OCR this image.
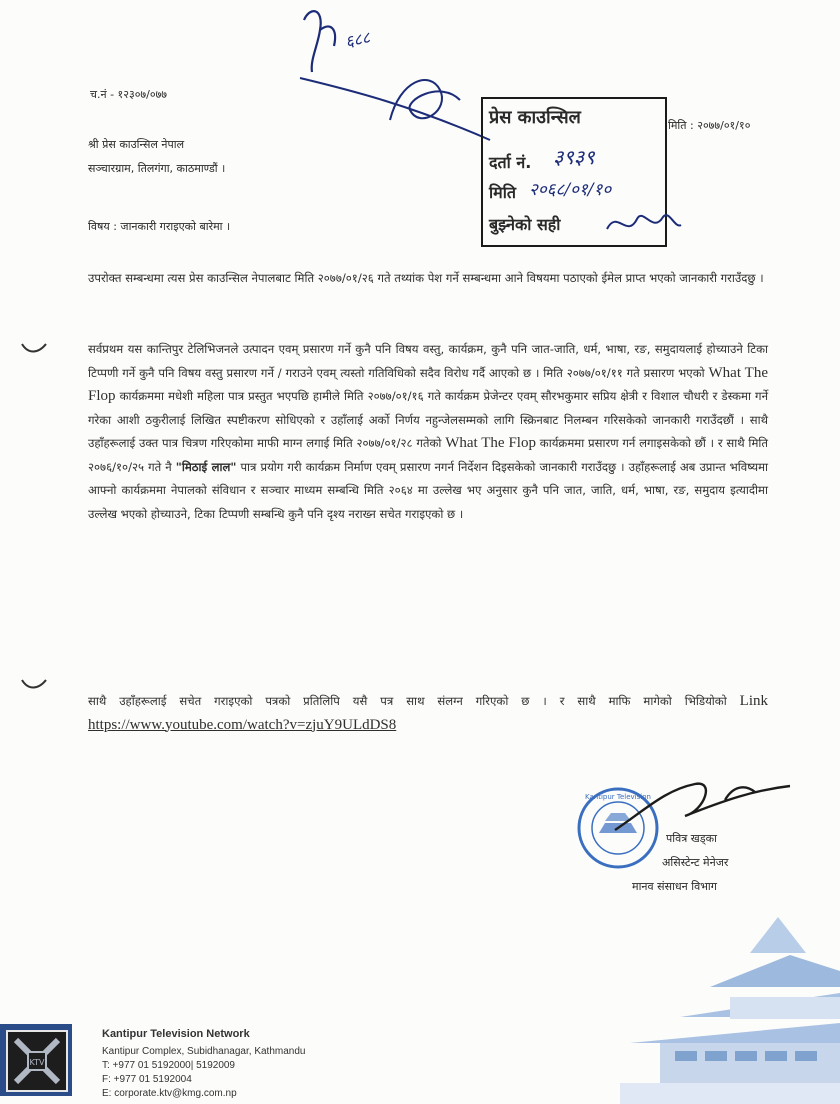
६८८
च.नं - १२३०७/०७७
मिति : २०७७/०१/१०
श्री प्रेस काउन्सिल नेपाल
सञ्चारग्राम, तिलगंगा, काठमाण्डौं ।
विषय : जानकारी गराइएको बारेमा ।
प्रेस काउन्सिल
दर्ता नं. ३९३९
मिति २०६८/०१/१०
बुझ्नेको सही
उपरोक्त सम्बन्धमा त्यस प्रेस काउन्सिल नेपालबाट मिति २०७७/०१/२६ गते तथ्यांक पेश गर्ने सम्बन्धमा आने विषयमा पठाएको ईमेल प्राप्त भएको जानकारी गराउँदछु ।
सर्वप्रथम यस कान्तिपुर टेलिभिजनले उत्पादन एवम् प्रसारण गर्ने कुनै पनि विषय वस्तु, कार्यक्रम, कुनै पनि जात-जाति, धर्म, भाषा, रङ, समुदायलाई होच्याउने टिका टिप्पणी गर्ने कुनै पनि विषय वस्तु प्रसारण गर्ने / गराउने एवम् त्यस्तो गतिविधिको सदैव विरोध गर्दै आएको छ । मिति २०७७/०१/११ गते प्रसारण भएको What The Flop कार्यक्रममा मधेशी महिला पात्र प्रस्तुत भएपछि हामीले मिति २०७७/०१/१६ गते कार्यक्रम प्रेजेन्टर एवम् सौरभकुमार सप्रिय क्षेत्री र विशाल चौधरी र डेस्कमा गर्ने गरेका आशी ठकुरीलाई लिखित स्पष्टीकरण सोधिएको र उहाँलाई अर्को निर्णय नहुन्जेलसम्मको लागि स्क्रिनबाट निलम्बन गरिसकेको जानकारी गराउँदछौं । साथै उहाँहरूलाई उक्त पात्र चित्रण गरिएकोमा माफी माग्न लगाई मिति २०७७/०१/२८ गतेको What The Flop कार्यक्रममा प्रसारण गर्न लगाइसकेको छौं । र साथै मिति २०७६/१०/२५ गते नै "मिठाई लाल" पात्र प्रयोग गरी कार्यक्रम निर्माण एवम् प्रसारण नगर्न निर्देशन दिइसकेको जानकारी गराउँदछु । उहाँहरूलाई अब उप्रान्त भविष्यमा आफ्नो कार्यक्रममा नेपालको संविधान र सञ्चार माध्यम सम्बन्धि मिति २०६४ मा उल्लेख भए अनुसार कुनै पनि जात, जाति, धर्म, भाषा, रङ, समुदाय इत्यादीमा उल्लेख भएको होच्याउने, टिका टिप्पणी सम्बन्धि कुनै पनि दृश्य नराख्न सचेत गराइएको छ ।
साथै उहाँहरूलाई सचेत गराइएको पत्रको प्रतिलिपि यसै पत्र साथ संलग्न गरिएको छ । र साथै माफि मागेको भिडियोको Link https://www.youtube.com/watch?v=zjuY9ULdDS8
Kantipur Television
पवित्र खड्का
असिस्टेन्ट मेनेजर
मानव संसाधन विभाग
KTV
Kantipur Television Network
Kantipur Complex, Subidhanagar, Kathmandu
T: +977 01 5192000| 5192009
F: +977 01 5192004
E: corporate.ktv@kmg.com.np
